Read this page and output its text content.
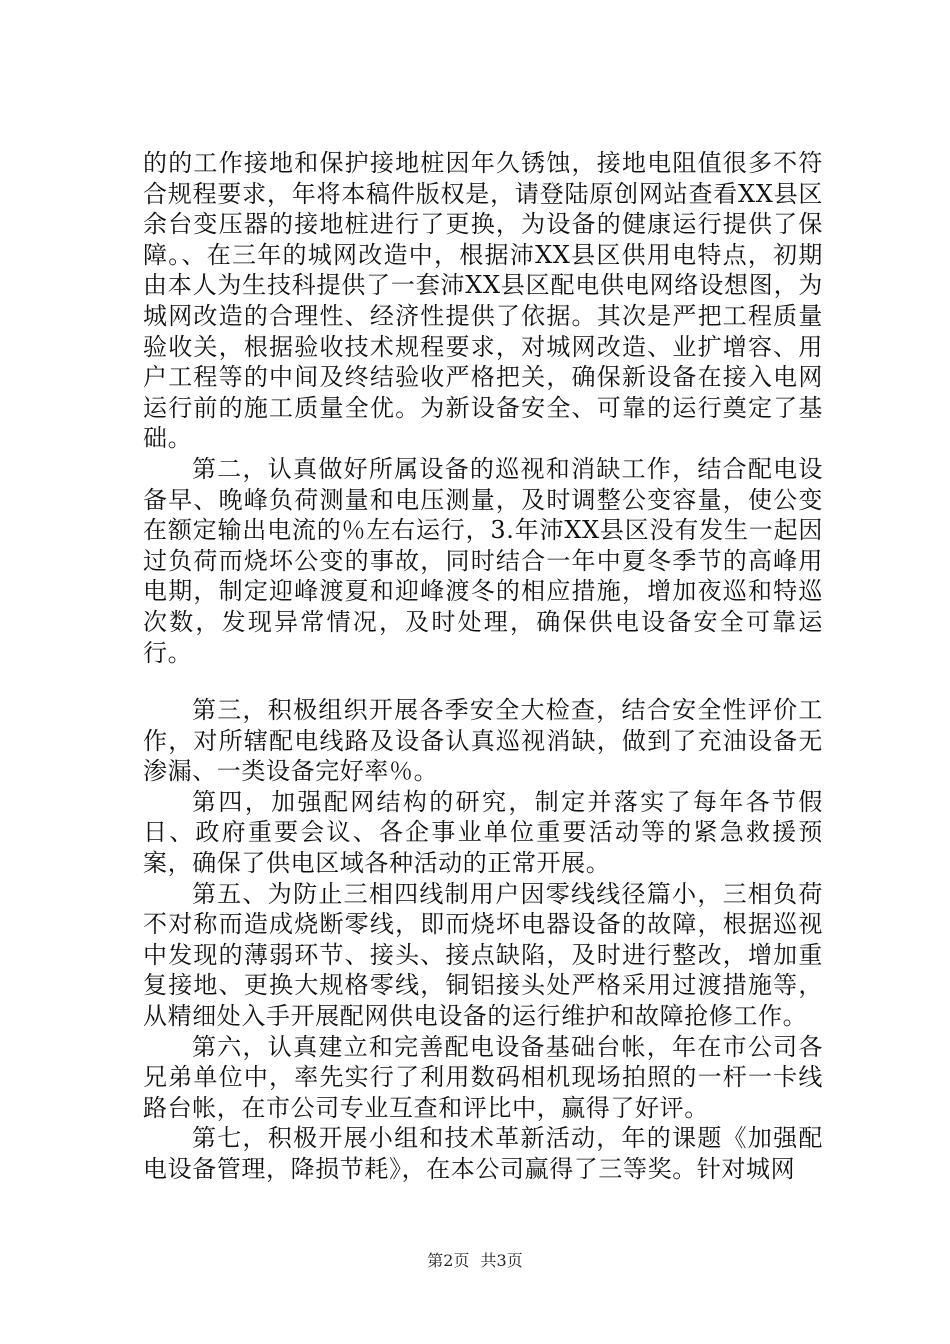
的的工作接地和保护接地桩因年久锈蚀，接地电阻值很多不符合规程要求，年将本稿件版权是，请登陆原创网站查看XX县区余台变压器的接地桩进行了更换，为设备的健康运行提供了保障。、在三年的城网改造中，根据沛XX县区供用电特点，初期由本人为生技科提供了一套沛XX县区配电供电网络设想图，为城网改造的合理性、经济性提供了依据。其次是严把工程质量验收关，根据验收技术规程要求，对城网改造、业扩增容、用户工程等的中间及终结验收严格把关，确保新设备在接入电网运行前的施工质量全优。为新设备安全、可靠的运行奠定了基础。

第二，认真做好所属设备的巡视和消缺工作，结合配电设备早、晚峰负荷测量和电压测量，及时调整公变容量，使公变在额定输出电流的％左右运行，3.年沛XX县区没有发生一起因过负荷而烧坏公变的事故，同时结合一年中夏冬季节的高峰用电期，制定迎峰渡夏和迎峰渡冬的相应措施，增加夜巡和特巡次数，发现异常情况，及时处理，确保供电设备安全可靠运行。

第三，积极组织开展各季安全大检查，结合安全性评价工作，对所辖配电线路及设备认真巡视消缺，做到了充油设备无渗漏、一类设备完好率％。

第四，加强配网结构的研究，制定并落实了每年各节假日、政府重要会议、各企事业单位重要活动等的紧急救援预案，确保了供电区域各种活动的正常开展。

第五、为防止三相四线制用户因零线线径篇小，三相负荷不对称而造成烧断零线，即而烧坏电器设备的故障，根据巡视中发现的薄弱环节、接头、接点缺陷，及时进行整改，增加重复接地、更换大规格零线，铜铝接头处严格采用过渡措施等，从精细处入手开展配网供电设备的运行维护和故障抢修工作。

第六，认真建立和完善配电设备基础台帐，年在市公司各兄弟单位中，率先实行了利用数码相机现场拍照的一杆一卡线路台帐，在市公司专业互查和评比中，赢得了好评。

第七，积极开展小组和技术革新活动，年的课题《加强配电设备管理，降损节耗》，在本公司赢得了三等奖。针对城网

第2页 共3页
